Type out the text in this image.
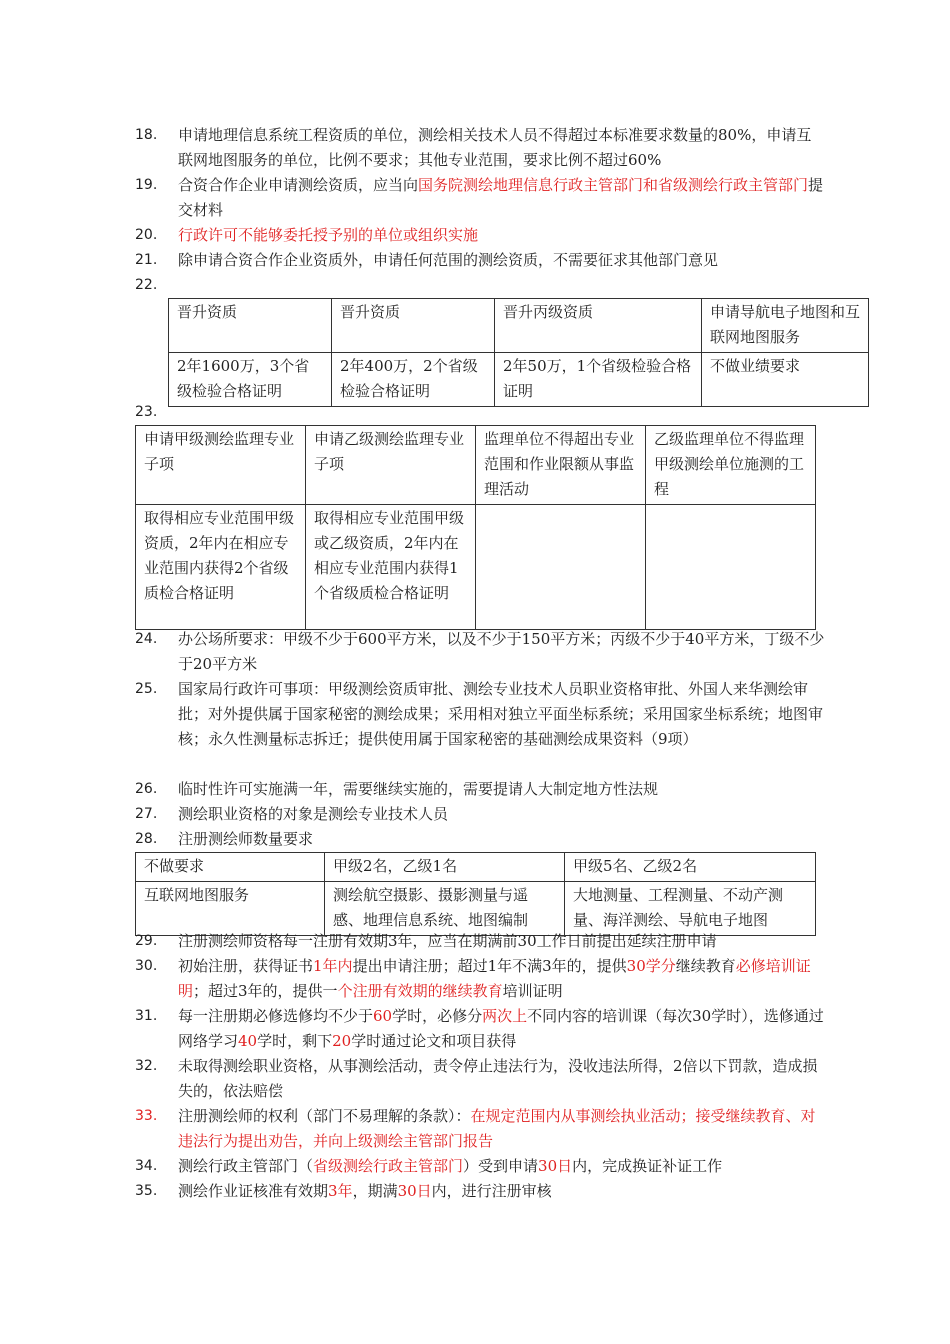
18.	申请地理信息系统工程资质的单位，测绘相关技术人员不得超过本标准要求数量的80%，申请互联网地图服务的单位，比例不要求；其他专业范围，要求比例不超过60%
19.	合资合作企业申请测绘资质，应当向国务院测绘地理信息行政主管部门和省级测绘行政主管部门提交材料
20.	行政许可不能够委托授予别的单位或组织实施
21.	除申请合资合作企业资质外，申请任何范围的测绘资质，不需要征求其他部门意见
22.

晋升资质	晋升资质	晋升丙级资质	申请导航电子地图和互联网地图服务
2年1600万，3个省级检验合格证明	2年400万，2个省级检验合格证明	2年50万，1个省级检验合格证明	不做业绩要求
23.

申请甲级测绘监理专业子项	申请乙级测绘监理专业子项	监理单位不得超出专业范围和作业限额从事监理活动	乙级监理单位不得监理甲级测绘单位施测的工程
取得相应专业范围甲级资质，2年内在相应专业范围内获得2个省级质检合格证明	取得相应专业范围甲级或乙级资质，2年内在相应专业范围内获得1个省级质检合格证明		
24.	办公场所要求：甲级不少于600平方米，以及不少于150平方米；丙级不少于40平方米，丁级不少于20平方米
25.	国家局行政许可事项：甲级测绘资质审批、测绘专业技术人员职业资格审批、外国人来华测绘审批；对外提供属于国家秘密的测绘成果；采用相对独立平面坐标系统；采用国家坐标系统；地图审核；永久性测量标志拆迁；提供使用属于国家秘密的基础测绘成果资料（9项）
26.	临时性许可实施满一年，需要继续实施的，需要提请人大制定地方性法规
27.	测绘职业资格的对象是测绘专业技术人员
28.	注册测绘师数量要求
不做要求	甲级2名，乙级1名	甲级5名、乙级2名
互联网地图服务	测绘航空摄影、摄影测量与遥感、地理信息系统、地图编制	大地测量、工程测量、不动产测量、海洋测绘、导航电子地图
29.	注册测绘师资格每一注册有效期3年，应当在期满前30工作日前提出延续注册申请
30.	初始注册，获得证书1年内提出申请注册；超过1年不满3年的，提供30学分继续教育必修培训证明；超过3年的，提供一个注册有效期的继续教育培训证明
31.	每一注册期必修选修均不少于60学时，必修分两次上不同内容的培训课（每次30学时），选修通过网络学习40学时，剩下20学时通过论文和项目获得
32.	未取得测绘职业资格，从事测绘活动，责令停止违法行为，没收违法所得，2倍以下罚款，造成损失的，依法赔偿
33.	注册测绘师的权利（部门不易理解的条款）：在规定范围内从事测绘执业活动；接受继续教育、对违法行为提出劝告，并向上级测绘主管部门报告
34.	测绘行政主管部门（省级测绘行政主管部门）受到申请30日内，完成换证补证工作
35.	测绘作业证核准有效期3年，期满30日内，进行注册审核
